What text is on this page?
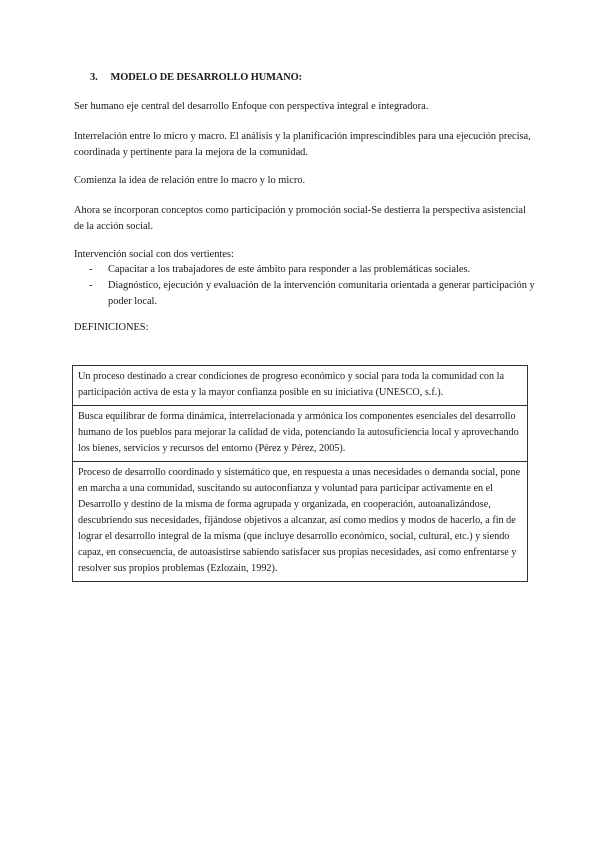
3. MODELO DE DESARROLLO HUMANO:

Ser humano eje central del desarrollo Enfoque con perspectiva integral e integradora.

Interrelación entre lo micro y macro. El análisis y la planificación imprescindibles para una ejecución precisa, coordinada y pertinente para la mejora de la comunidad.

Comienza la idea de relación entre lo macro y lo micro.

Ahora se incorporan conceptos como participación y promoción social-Se destierra la perspectiva asistencial de la acción social.

Intervención social con dos vertientes:

- Capacitar a los trabajadores de este ámbito para responder a las problemáticas sociales.
- Diagnóstico, ejecución y evaluación de la intervención comunitaria orientada a generar participación y poder local.

DEFINICIONES:

Un proceso destinado a crear condiciones de progreso económico y social para toda la comunidad con la participación activa de esta y la mayor confianza posible en su iniciativa (UNESCO, s.f.).
Busca equilibrar de forma dinámica, interrelacionada y armónica los componentes esenciales del desarrollo humano de los pueblos para mejorar la calidad de vida, potenciando la autosuficiencia local y aprovechando los bienes, servicios y recursos del entorno (Pérez y Pérez, 2005).
Proceso de desarrollo coordinado y sistemático que, en respuesta a unas necesidades o demanda social, pone en marcha a una comunidad, suscitando su autoconfianza y voluntad para participar activamente en el Desarrollo y destino de la misma de forma agrupada y organizada, en cooperación, autoanalizándose, descubriendo sus necesidades, fijándose objetivos a alcanzar, así como medios y modos de hacerlo, a fin de lograr el desarrollo integral de la misma (que incluye desarrollo económico, social, cultural, etc.) y siendo capaz, en consecuencia, de autoasistirse sabiendo satisfacer sus propias necesidades, así como enfrentarse y resolver sus propios problemas (Ezlozain, 1992).
